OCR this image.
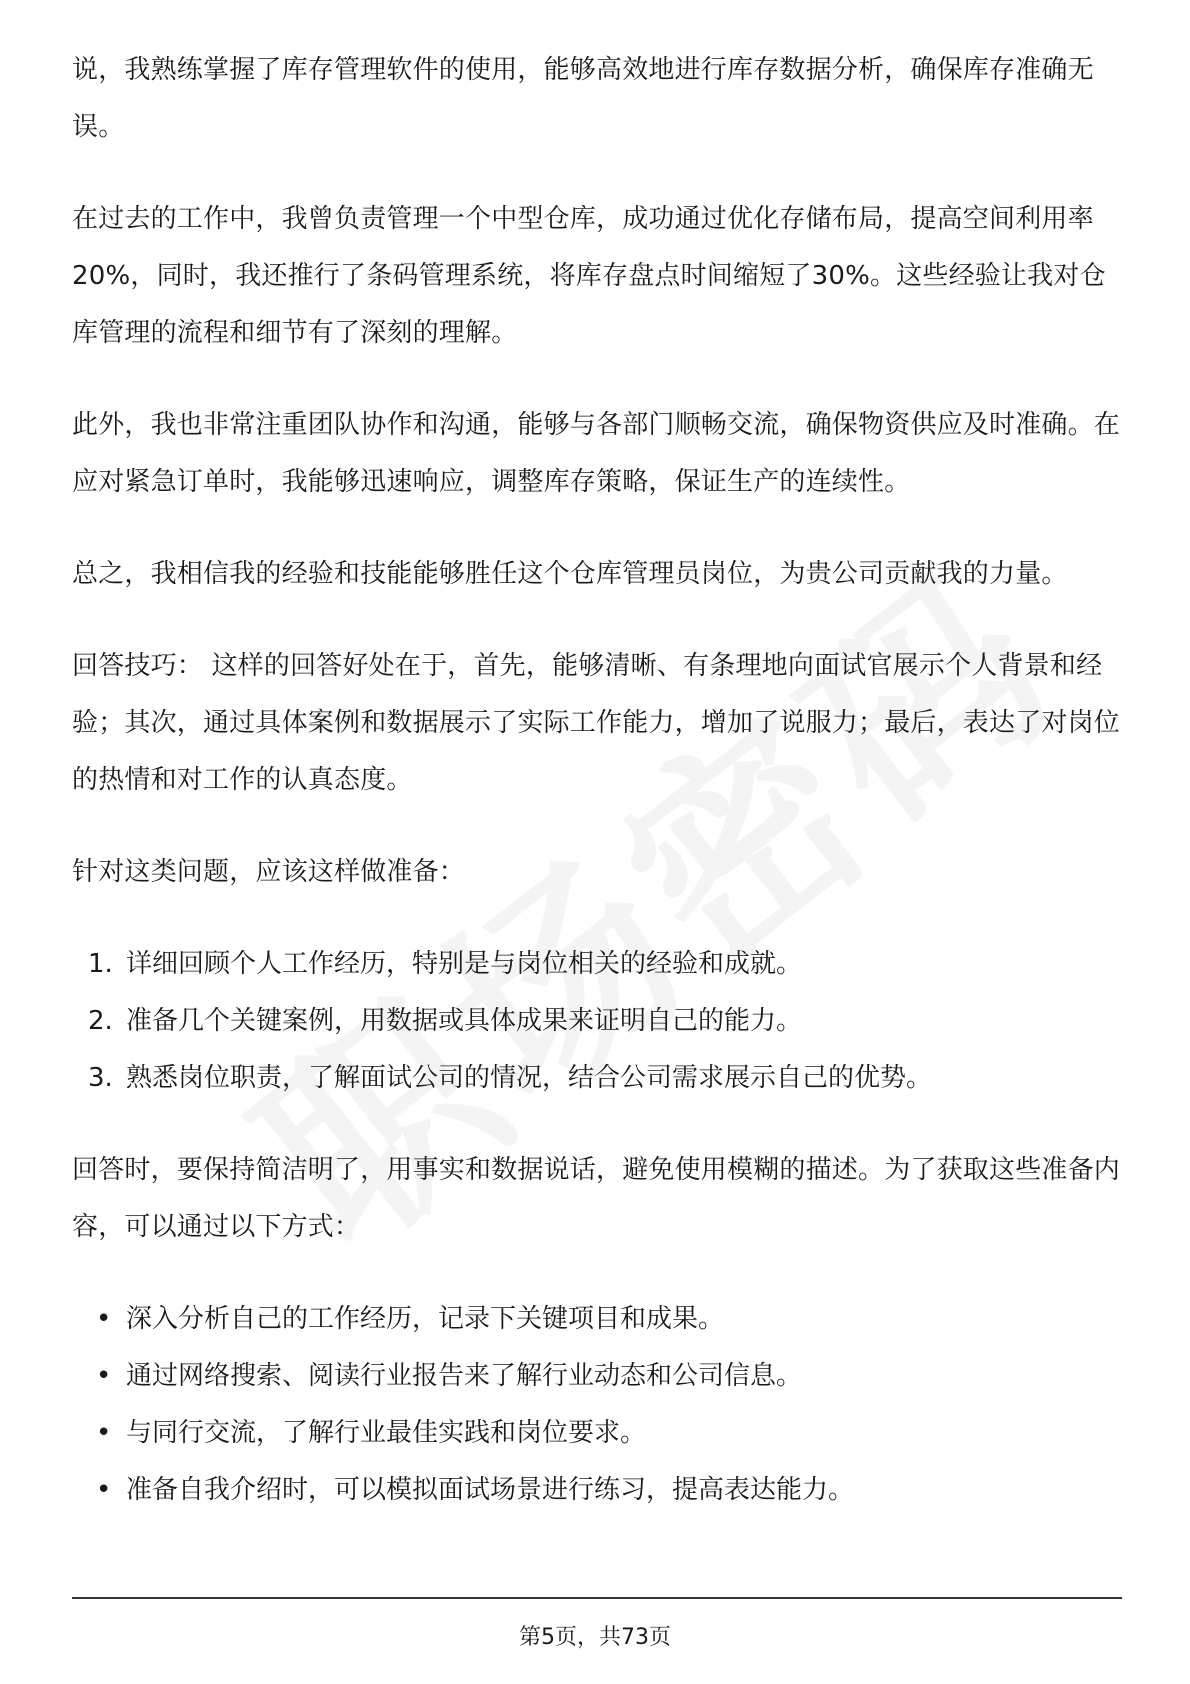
说，我熟练掌握了库存管理软件的使用，能够高效地进行库存数据分析，确保库存准确无误。

在过去的工作中，我曾负责管理一个中型仓库，成功通过优化存储布局，提高空间利用率20%，同时，我还推行了条码管理系统，将库存盘点时间缩短了30%。这些经验让我对仓库管理的流程和细节有了深刻的理解。

此外，我也非常注重团队协作和沟通，能够与各部门顺畅交流，确保物资供应及时准确。在应对紧急订单时，我能够迅速响应，调整库存策略，保证生产的连续性。

总之，我相信我的经验和技能能够胜任这个仓库管理员岗位，为贵公司贡献我的力量。

回答技巧： 这样的回答好处在于，首先，能够清晰、有条理地向面试官展示个人背景和经验；其次，通过具体案例和数据展示了实际工作能力，增加了说服力；最后，表达了对岗位的热情和对工作的认真态度。

针对这类问题，应该这样做准备：

1. 详细回顾个人工作经历，特别是与岗位相关的经验和成就。
2. 准备几个关键案例，用数据或具体成果来证明自己的能力。
3. 熟悉岗位职责，了解面试公司的情况，结合公司需求展示自己的优势。

回答时，要保持简洁明了，用事实和数据说话，避免使用模糊的描述。为了获取这些准备内容，可以通过以下方式：

• 深入分析自己的工作经历，记录下关键项目和成果。
• 通过网络搜索、阅读行业报告来了解行业动态和公司信息。
• 与同行交流，了解行业最佳实践和岗位要求。
• 准备自我介绍时，可以模拟面试场景进行练习，提高表达能力。
第5页，共73页
